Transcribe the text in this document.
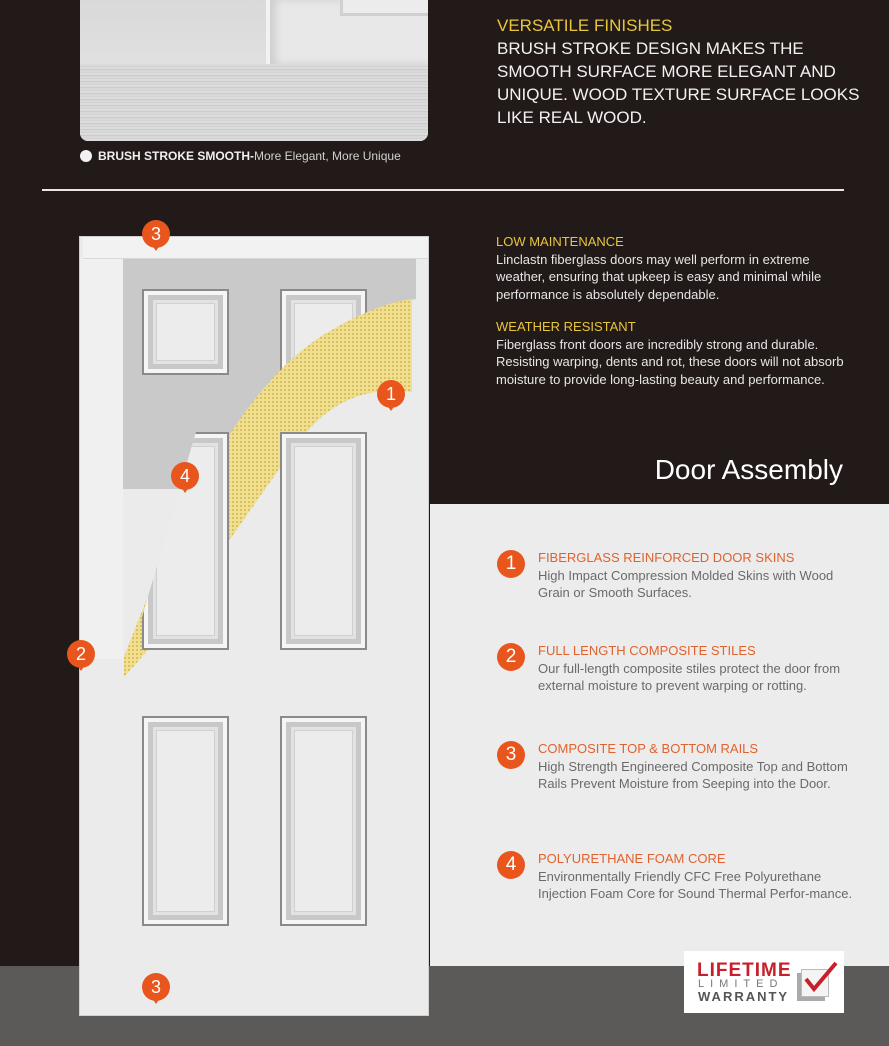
BRUSH STROKE SMOOTH- More Elegant, More Unique
VERSATILE FINISHES
BRUSH STROKE DESIGN MAKES THE SMOOTH SURFACE MORE ELEGANT AND UNIQUE. WOOD TEXTURE SURFACE LOOKS LIKE REAL WOOD.
LOW MAINTENANCE
Linclastn fiberglass doors may well perform in extreme weather, ensuring that upkeep is easy and minimal while performance is absolutely dependable.
WEATHER RESISTANT
Fiberglass front doors are incredibly strong and durable. Resisting warping, dents and rot, these doors will not absorb moisture to provide long-lasting beauty and performance.
Door Assembly
1	FIBERGLASS REINFORCED DOOR SKINS
High Impact Compression Molded Skins with Wood Grain or Smooth Surfaces.
2	FULL LENGTH COMPOSITE STILES
Our full-length composite stiles protect the door from external moisture to prevent warping or rotting.
3	COMPOSITE TOP & BOTTOM RAILS
High Strength Engineered Composite Top and Bottom Rails Prevent Moisture from Seeping into the Door.
4	POLYURETHANE FOAM CORE
Environmentally Friendly CFC Free Polyurethane Injection Foam Core for Sound Thermal Perfor-mance.
LIFETIME
LIMITED
WARRANTY
3
1
4
2
3
